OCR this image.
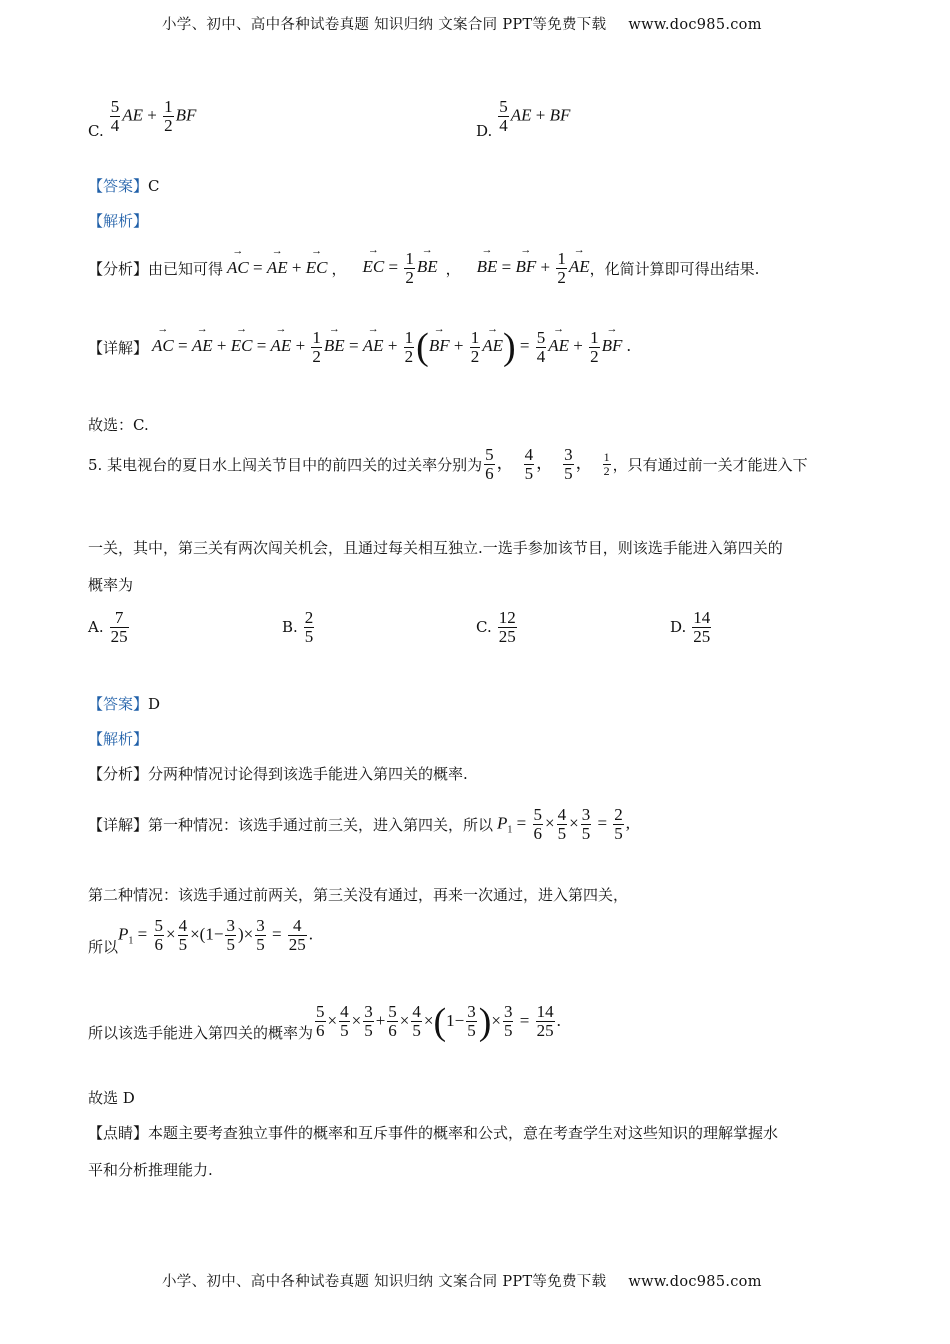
小学、初中、高中各种试卷真题 知识归纳 文案合同 PPT等免费下载 www.doc985.com
C. $\frac{5}{4}$ AE + $\frac{1}{2}$ BF
D. $\frac{5}{4}$ AE + BF
【答案】C
【解析】
【分析】 由已知可得
→ AC = → AE + → EC ，
→ EC = $\frac{1}{2}$
→ BE ，
→ BE = → BF + $\frac{1}{2}$
→ AE ，化简计算即可得出结果.
【详解】
→ AC = → AE + → EC = → AE + $\frac{1}{2}$
→ BE = → AE + $\frac{1}{2}$ (→ BF + $\frac{1}{2}$
→ $AE) = \frac{5}{4}$
→ AE + $\frac{1}{2}$
→ BF .
故选：C.
5. 某电视台的夏日水上闯关节目中的前四关的过关率分别为 $\frac{5}{6}$ ， $\frac{4}{5}$ ， $\frac{3}{5}$ ， $\frac{1}{2}$ ，只有通过前一关才能进入下
一关，其中，第三关有两次闯关机会，且通过每关相互独立.一选手参加该节目，则该选手能进入第四关的
概率为
A. $\frac{7}{25}$	B. $\frac{2}{5}$	C. $\frac{12}{25}$	D. $\frac{14}{25}$
【答案】D
【解析】
【分析】分两种情况讨论得到该选手能进入第四关的概率.
【详解】 第一种情况：该选手通过前三关，进入第四关，所以 $P_1 = \frac{5}{6} \times \frac{4}{5} \times \frac{3}{5} = \frac{2}{5}$ ,
第二种情况：该选手通过前两关，第三关没有通过，再来一次通过，进入第四关，
所以
$P_1 = \frac{5}{6} \times \frac{4}{5} \times(1- \frac{3}{5}$ )× $\frac{3}{5} = \frac{4}{25}$ .
所以该选手能进入第四关的概率为 $\frac{5}{6} \times \frac{4}{5} \times \frac{3}{5} + \frac{5}{6} \times \frac{4}{5} \times(1- \frac{3}{5}$ )× $\frac{3}{5} = \frac{14}{25}$ .
故选 D
【点睛】本题主要考查独立事件的概率和互斥事件的概率和公式，意在考查学生对这些知识的理解掌握水
平和分析推理能力.
小学、初中、高中各种试卷真题 知识归纳 文案合同 PPT等免费下载 www.doc985.com
